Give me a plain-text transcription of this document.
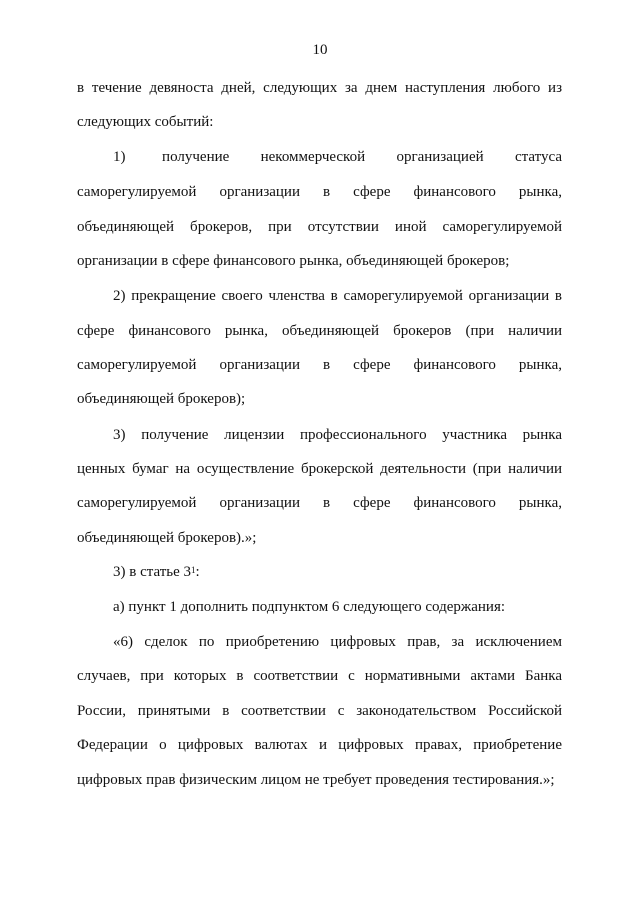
10
в течение девяноста дней, следующих за днем наступления любого из
следующих событий:
1)       получение      некоммерческой      организацией      статуса
саморегулируемой организации в сфере финансового рынка,
объединяющей брокеров, при отсутствии иной саморегулируемой
организации в сфере финансового рынка, объединяющей брокеров;
2) прекращение своего членства в саморегулируемой организации в
сфере финансового рынка, объединяющей брокеров (при наличии
саморегулируемой организации в сфере финансового рынка,
объединяющей брокеров);
3) получение лицензии профессионального участника рынка
ценных бумаг на осуществление брокерской деятельности (при наличии
саморегулируемой организации в сфере финансового рынка,
объединяющей брокеров).»;
3) в статье $3^1$:
а) пункт 1 дополнить подпунктом 6 следующего содержания:
«6) сделок по приобретению цифровых прав, за исключением
случаев, при которых в соответствии с нормативными актами Банка
России, принятыми в соответствии с законодательством Российской
Федерации о цифровых валютах и цифровых правах, приобретение
цифровых прав физическим лицом не требует проведения тестирования.»;
